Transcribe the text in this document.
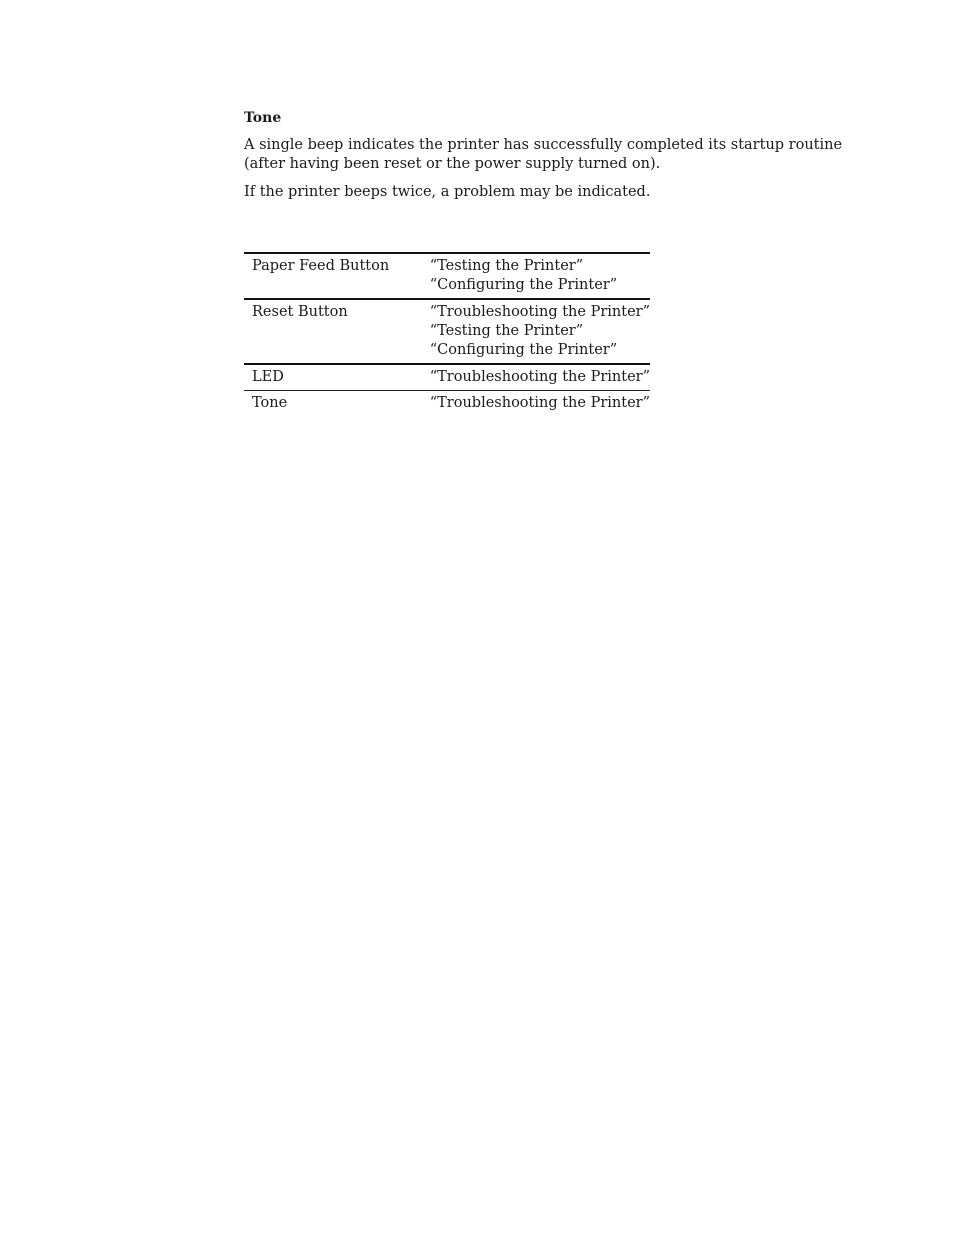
Tone

A single beep indicates the printer has successfully completed its startup routine (after having been reset or the power supply turned on).

If the printer beeps twice, a problem may be indicated.

Paper Feed Button	“Testing the Printer”
“Configuring the Printer”

Reset Button	“Troubleshooting the Printer”
“Testing the Printer”
“Configuring the Printer”

LED	“Troubleshooting the Printer”

Tone	“Troubleshooting the Printer”
